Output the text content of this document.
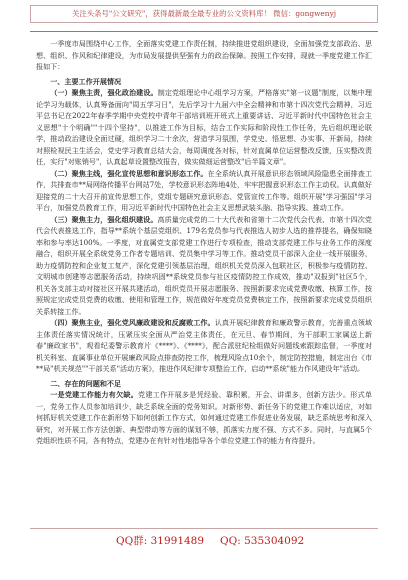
关注头条号"公文研究"，获得最新最全最专业的公文资料库！ 微信：gongwenyj

一季度市局围绕中心工作，全面落实党建工作责任制，持续推进党组织建设，全面加强党支部政治、思想、组织、作风和纪律建设，为市局发展提供坚强有力的政治保障。按照工作安排，现就一季度党建工作汇报如下：

一、主要工作开展情况

（一）聚焦主责，强化政治建设。制定党组理论中心组学习方案，严格落实"第一议题"制度，以集中理论学习为载体，认真筹备面向"周五学习日"，先后学习十九届六中全会精神和市第十四次党代会精神，习近平总书记在2022年春季学期中央党校中青年干部培训班开班式上重要讲话、习近平新时代中国特色社会主义思想"十个明确""十四个坚持"，以推进工作为目标，结合工作实际和阶段性工作任务，先后组织理论联学，推动政治建设全面过硬，组织学习二十余次，营造学习氛围，学党史、悟思想、办实事、开新局，持续对照检视民主生活会，党史学习教育总结大会，每周调度各对标，针对直属单位运营整改反馈，压实整改责任，实行"对账销号"，认真起草设置整改报告，做实做细运营整改"后半篇文章"。

（二）聚焦主线，强化宣传思想和意识形态工作。在全系统认真开展意识形态领域风险隐患全面排查工作，共排查市**局网络传播平台网站7处，学校意识形态阵地4处，牢牢把握意识形态工作主动权。认真做好迎接党的二十大召开前宣传思想工作，党组专题研究意识形态、党管宣传工作等。组织开展"学习强国"学习平台，加强党员教育工作，用习近平新时代中国特色社会主义思想武装头脑、指导实践、推动工作。

（三）聚焦主力，强化组织建设。高质量完成党的二十大代表和省第十二次党代会代表、市第十四次党代会代表推选工作，指导**系统个基层党组织、179名党员参与代表推选人初步人选的推荐提名，确保知晓率和参与率达100%。一季度，对直属党支部党建工作进行专项检查，推动支部党建工作与业务工作的深度融合，组织开展全系统党务工作者专题培训、党员集中学习等工作。推动党员干部深入企业一线开展服务，助力疫情防控和企业复工复产，深化党建引领基层治理，组织机关党员深入包联社区，积极参与疫情防控、文明城市创建等志愿服务活动，持续巩固**系统党员参与社区疫情防控工作成效，推动"双报到"社区5个，机关各支部主动对接社区开展共建活动，组织党员开展志愿服务、按照新要求完成党费收缴、核算工作，按照规定完成党员党费的收缴、使用和管理工作，规范做好年度党员党费核定工作，按照新要求完成党员组织关系转接工作。

（四）聚焦主业，强化党风廉政建设和反腐败工作。认真开展纪律教育和廉政警示教育，完善重点领域主体责任落实情况统计，压紧压实全面从严治党主体责任，在元旦、春节期间，为干部职工家属送上新春"廉政家书"，观看纪委警示教育片《****》、《****》，配合派驻纪检组做好问题线索跟踪监督，一季度对机关科室、直属事业单位开展廉政风险点排查防控工作，梳理风险点10余个，制定防控措施，制定出台《市**局"机关规范""干部关系"活动方案》，推进作风纪律专项整治工作，启动**系统"能力作风建设年"活动。

二、存在的问题和不足

一是党建工作能力有欠缺。党建工作开展多是凭经验、靠积累，开会、讲课多，创新方法少。形式单一，党务工作人员参加培训少，缺乏系统全面的党务知识。对新形势、新任务下的党建工作难以适应，对如何抓好机关党建工作在新形势下如何创新工作方式，如何通过党建工作促进业务发展，缺乏系统思考和深入研究，对开展工作方法创新、典型带动等方面的谋划不够，抓落实力度不强、方式不多。同时，与直属5个党组织性质不同，各有特点，党建办在有针对性地指导各个单位党建工作的能力有待提升。

QQ群: 31991489 QQ: 535304092
